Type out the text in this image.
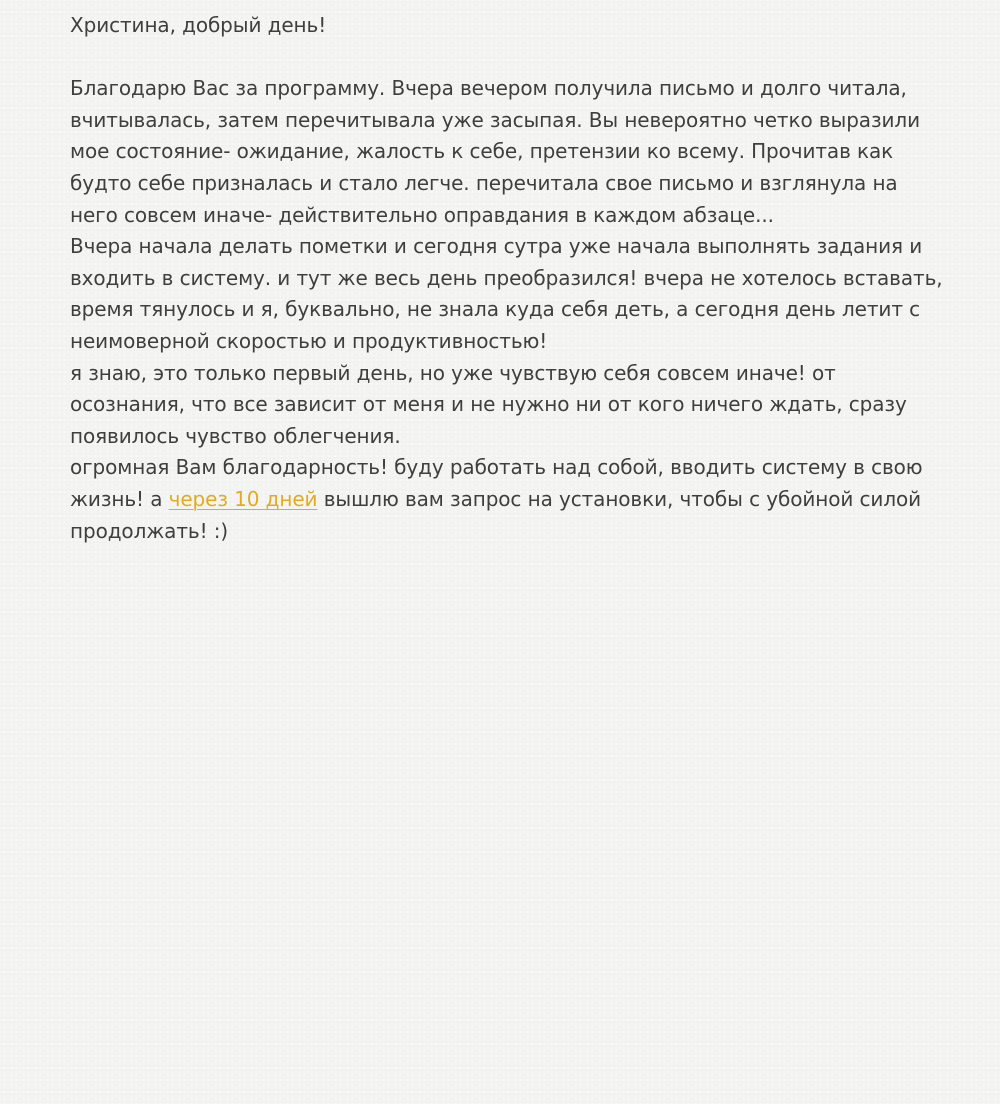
Христина, добрый день!
Благодарю Вас за программу. Вчера вечером получила письмо и долго читала,
вчитывалась, затем перечитывала уже засыпая. Вы невероятно четко выразили
мое состояние- ожидание, жалость к себе, претензии ко всему. Прочитав как
будто себе призналась и стало легче. перечитала свое письмо и взглянула на
него совсем иначе- действительно оправдания в каждом абзаце...
Вчера начала делать пометки и сегодня сутра уже начала выполнять задания и
входить в систему. и тут же весь день преобразился! вчера не хотелось вставать,
время тянулось и я, буквально, не знала куда себя деть, а сегодня день летит с
неимоверной скоростью и продуктивностью!
я знаю, это только первый день, но уже чувствую себя совсем иначе! от
осознания, что все зависит от меня и не нужно ни от кого ничего ждать, сразу
появилось чувство облегчения.
огромная Вам благодарность! буду работать над собой, вводить систему в свою
жизнь! а через 10 дней вышлю вам запрос на установки, чтобы с убойной силой
продолжать! :)
